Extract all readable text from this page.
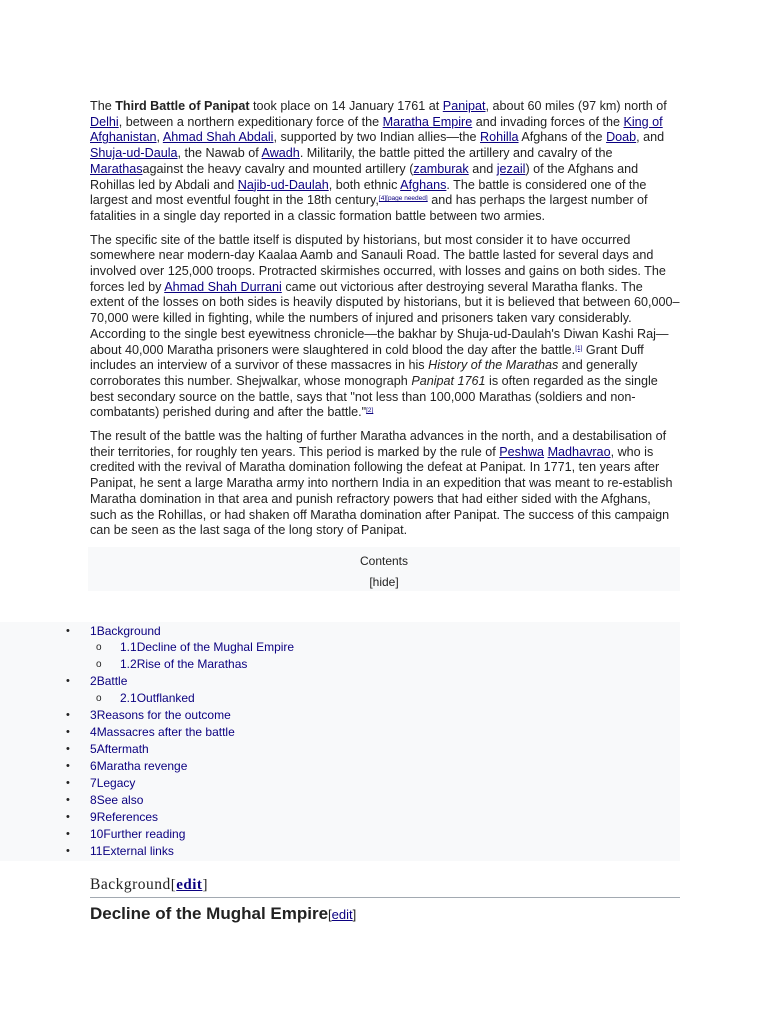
The Third Battle of Panipat took place on 14 January 1761 at Panipat, about 60 miles (97 km) north of Delhi, between a northern expeditionary force of the Maratha Empire and invading forces of the King of Afghanistan, Ahmad Shah Abdali, supported by two Indian allies—the Rohilla Afghans of the Doab, and Shuja-ud-Daula, the Nawab of Awadh. Militarily, the battle pitted the artillery and cavalry of the Marathasagainst the heavy cavalry and mounted artillery (zamburak and jezail) of the Afghans and Rohillas led by Abdali and Najib-ud-Daulah, both ethnic Afghans. The battle is considered one of the largest and most eventful fought in the 18th century,[4][page needed] and has perhaps the largest number of fatalities in a single day reported in a classic formation battle between two armies.

The specific site of the battle itself is disputed by historians, but most consider it to have occurred somewhere near modern-day Kaalaa Aamb and Sanauli Road. The battle lasted for several days and involved over 125,000 troops. Protracted skirmishes occurred, with losses and gains on both sides. The forces led by Ahmad Shah Durrani came out victorious after destroying several Maratha flanks. The extent of the losses on both sides is heavily disputed by historians, but it is believed that between 60,000–70,000 were killed in fighting, while the numbers of injured and prisoners taken vary considerably. According to the single best eyewitness chronicle—the bakhar by Shuja-ud-Daulah's Diwan Kashi Raj—about 40,000 Maratha prisoners were slaughtered in cold blood the day after the battle.[1] Grant Duff includes an interview of a survivor of these massacres in his History of the Marathas and generally corroborates this number. Shejwalkar, whose monograph Panipat 1761 is often regarded as the single best secondary source on the battle, says that "not less than 100,000 Marathas (soldiers and non-combatants) perished during and after the battle."[2]

The result of the battle was the halting of further Maratha advances in the north, and a destabilisation of their territories, for roughly ten years. This period is marked by the rule of Peshwa Madhavrao, who is credited with the revival of Maratha domination following the defeat at Panipat. In 1771, ten years after Panipat, he sent a large Maratha army into northern India in an expedition that was meant to re-establish Maratha domination in that area and punish refractory powers that had either sided with the Afghans, such as the Rohillas, or had shaken off Maratha domination after Panipat. The success of this campaign can be seen as the last saga of the long story of Panipat.

Contents
[hide]
• 1Background
o 1.1Decline of the Mughal Empire
o 1.2Rise of the Marathas
• 2Battle
o 2.1Outflanked
• 3Reasons for the outcome
• 4Massacres after the battle
• 5Aftermath
• 6Maratha revenge
• 7Legacy
• 8See also
• 9References
• 10Further reading
• 11External links
Background[edit]
Decline of the Mughal Empire[edit]
